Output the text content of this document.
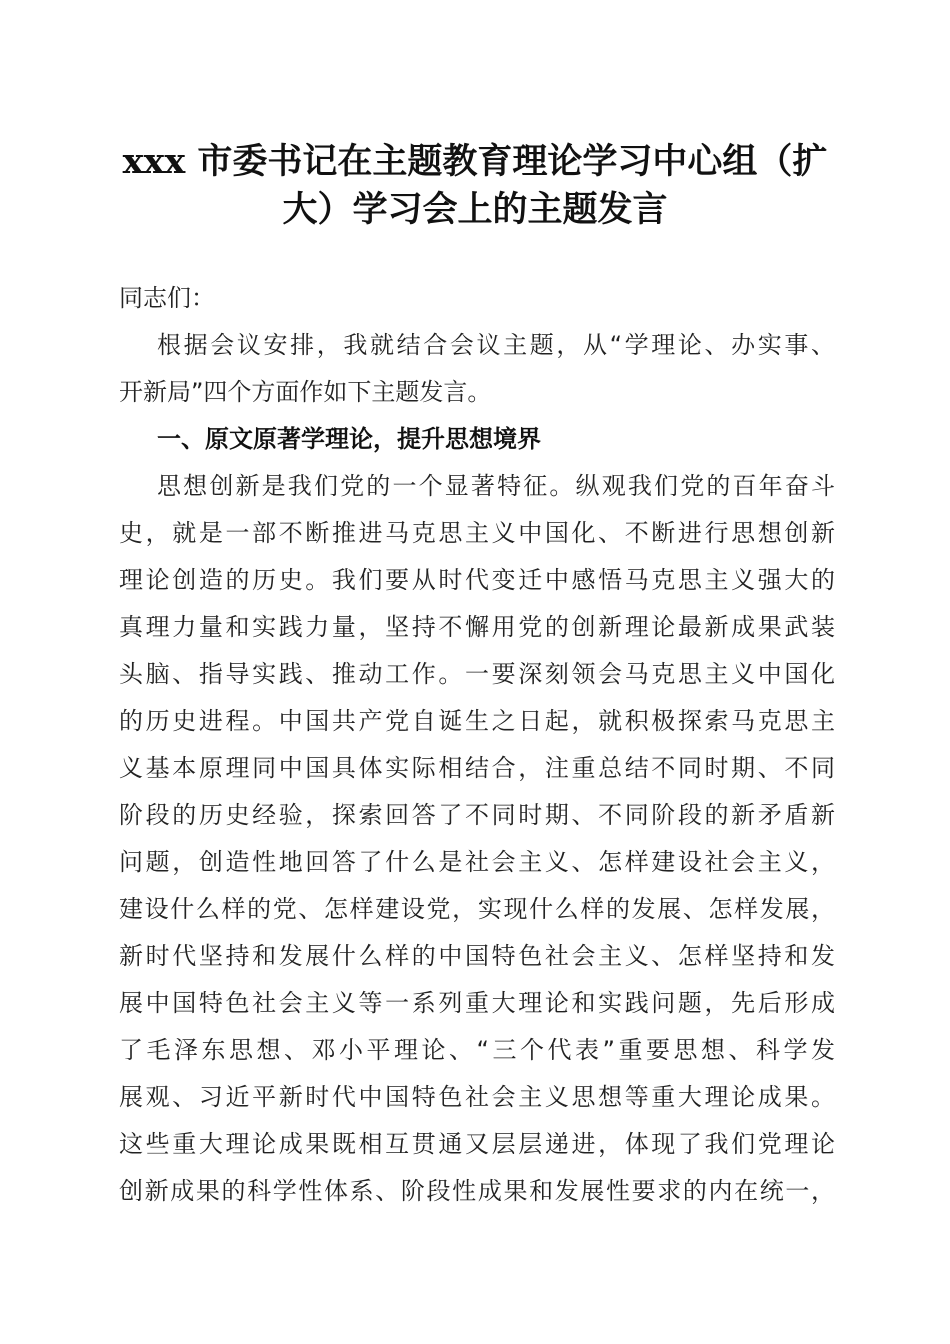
xxx 市委书记在主题教育理论学习中心组（扩
大）学习会上的主题发言
同志们：
根据会议安排，我就结合会议主题，从“学理论、办实事、
开新局”四个方面作如下主题发言。
一、原文原著学理论，提升思想境界
思想创新是我们党的一个显著特征。纵观我们党的百年奋斗
史，就是一部不断推进马克思主义中国化、不断进行思想创新
理论创造的历史。我们要从时代变迁中感悟马克思主义强大的
真理力量和实践力量，坚持不懈用党的创新理论最新成果武装
头脑、指导实践、推动工作。一要深刻领会马克思主义中国化
的历史进程。中国共产党自诞生之日起，就积极探索马克思主
义基本原理同中国具体实际相结合，注重总结不同时期、不同
阶段的历史经验，探索回答了不同时期、不同阶段的新矛盾新
问题，创造性地回答了什么是社会主义、怎样建设社会主义，
建设什么样的党、怎样建设党，实现什么样的发展、怎样发展，
新时代坚持和发展什么样的中国特色社会主义、怎样坚持和发
展中国特色社会主义等一系列重大理论和实践问题，先后形成
了毛泽东思想、邓小平理论、“三个代表”重要思想、科学发
展观、习近平新时代中国特色社会主义思想等重大理论成果。
这些重大理论成果既相互贯通又层层递进，体现了我们党理论
创新成果的科学性体系、阶段性成果和发展性要求的内在统一，
